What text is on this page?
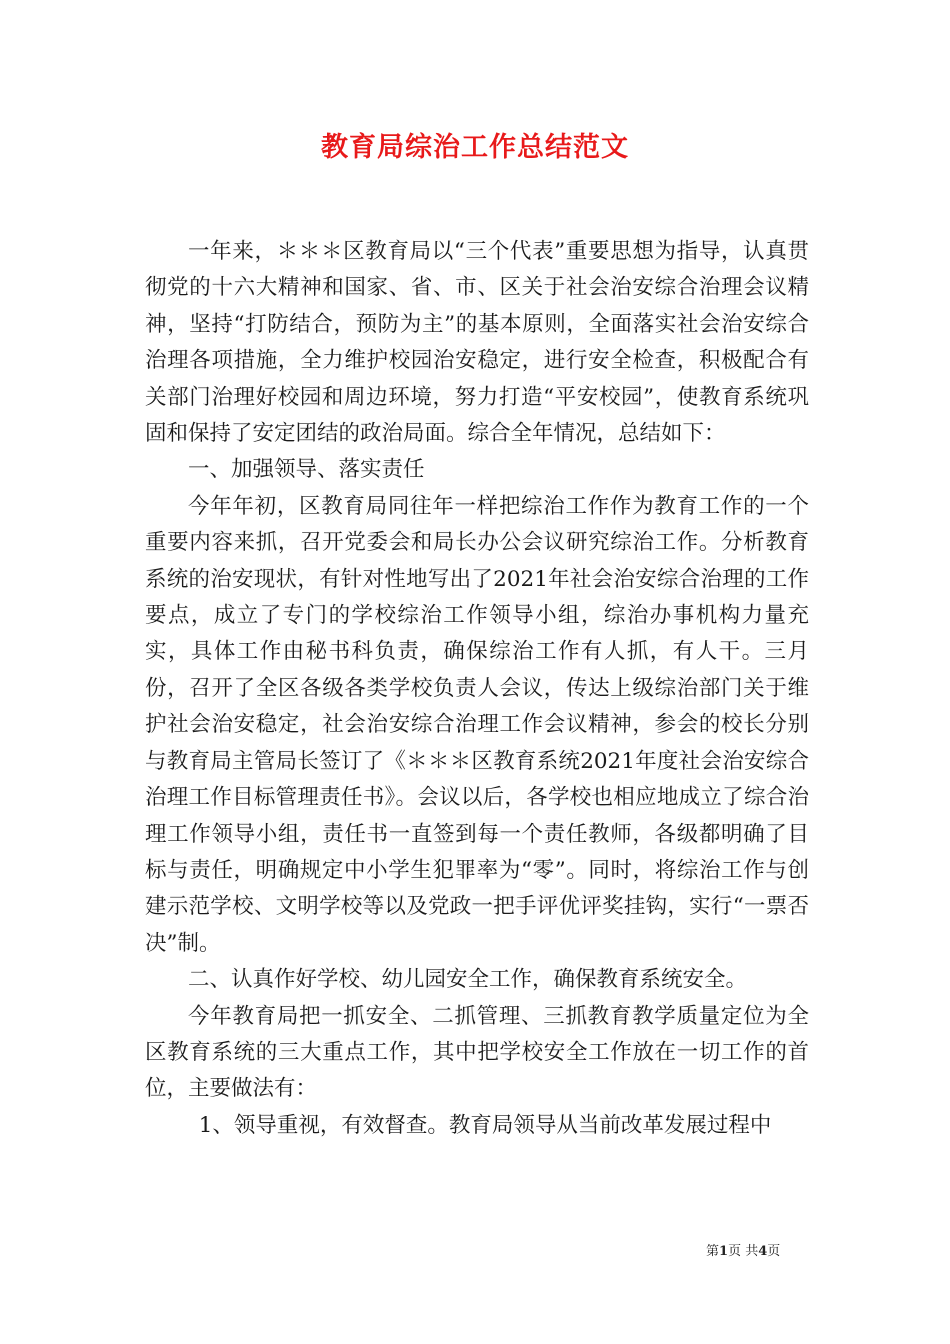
教育局综治工作总结范文

一年来，＊＊＊区教育局以“三个代表”重要思想为指导，认真贯彻党的十六大精神和国家、省、市、区关于社会治安综合治理会议精神，坚持“打防结合，预防为主”的基本原则，全面落实社会治安综合治理各项措施，全力维护校园治安稳定，进行安全检查，积极配合有关部门治理好校园和周边环境，努力打造“平安校园”，使教育系统巩固和保持了安定团结的政治局面。综合全年情况，总结如下：

一、加强领导、落实责任

今年年初，区教育局同往年一样把综治工作作为教育工作的一个重要内容来抓，召开党委会和局长办公会议研究综治工作。分析教育系统的治安现状，有针对性地写出了2021年社会治安综合治理的工作要点，成立了专门的学校综治工作领导小组，综治办事机构力量充实，具体工作由秘书科负责，确保综治工作有人抓，有人干。三月份，召开了全区各级各类学校负责人会议，传达上级综治部门关于维护社会治安稳定，社会治安综合治理工作会议精神，参会的校长分别与教育局主管局长签订了《＊＊＊区教育系统2021年度社会治安综合治理工作目标管理责任书》。会议以后，各学校也相应地成立了综合治理工作领导小组，责任书一直签到每一个责任教师，各级都明确了目标与责任，明确规定中小学生犯罪率为“零”。同时，将综治工作与创建示范学校、文明学校等以及党政一把手评优评奖挂钩，实行“一票否决”制。

二、认真作好学校、幼儿园安全工作，确保教育系统安全。

今年教育局把一抓安全、二抓管理、三抓教育教学质量定位为全区教育系统的三大重点工作，其中把学校安全工作放在一切工作的首位，主要做法有：

1、领导重视，有效督查。教育局领导从当前改革发展过程中

第1页 共4页
